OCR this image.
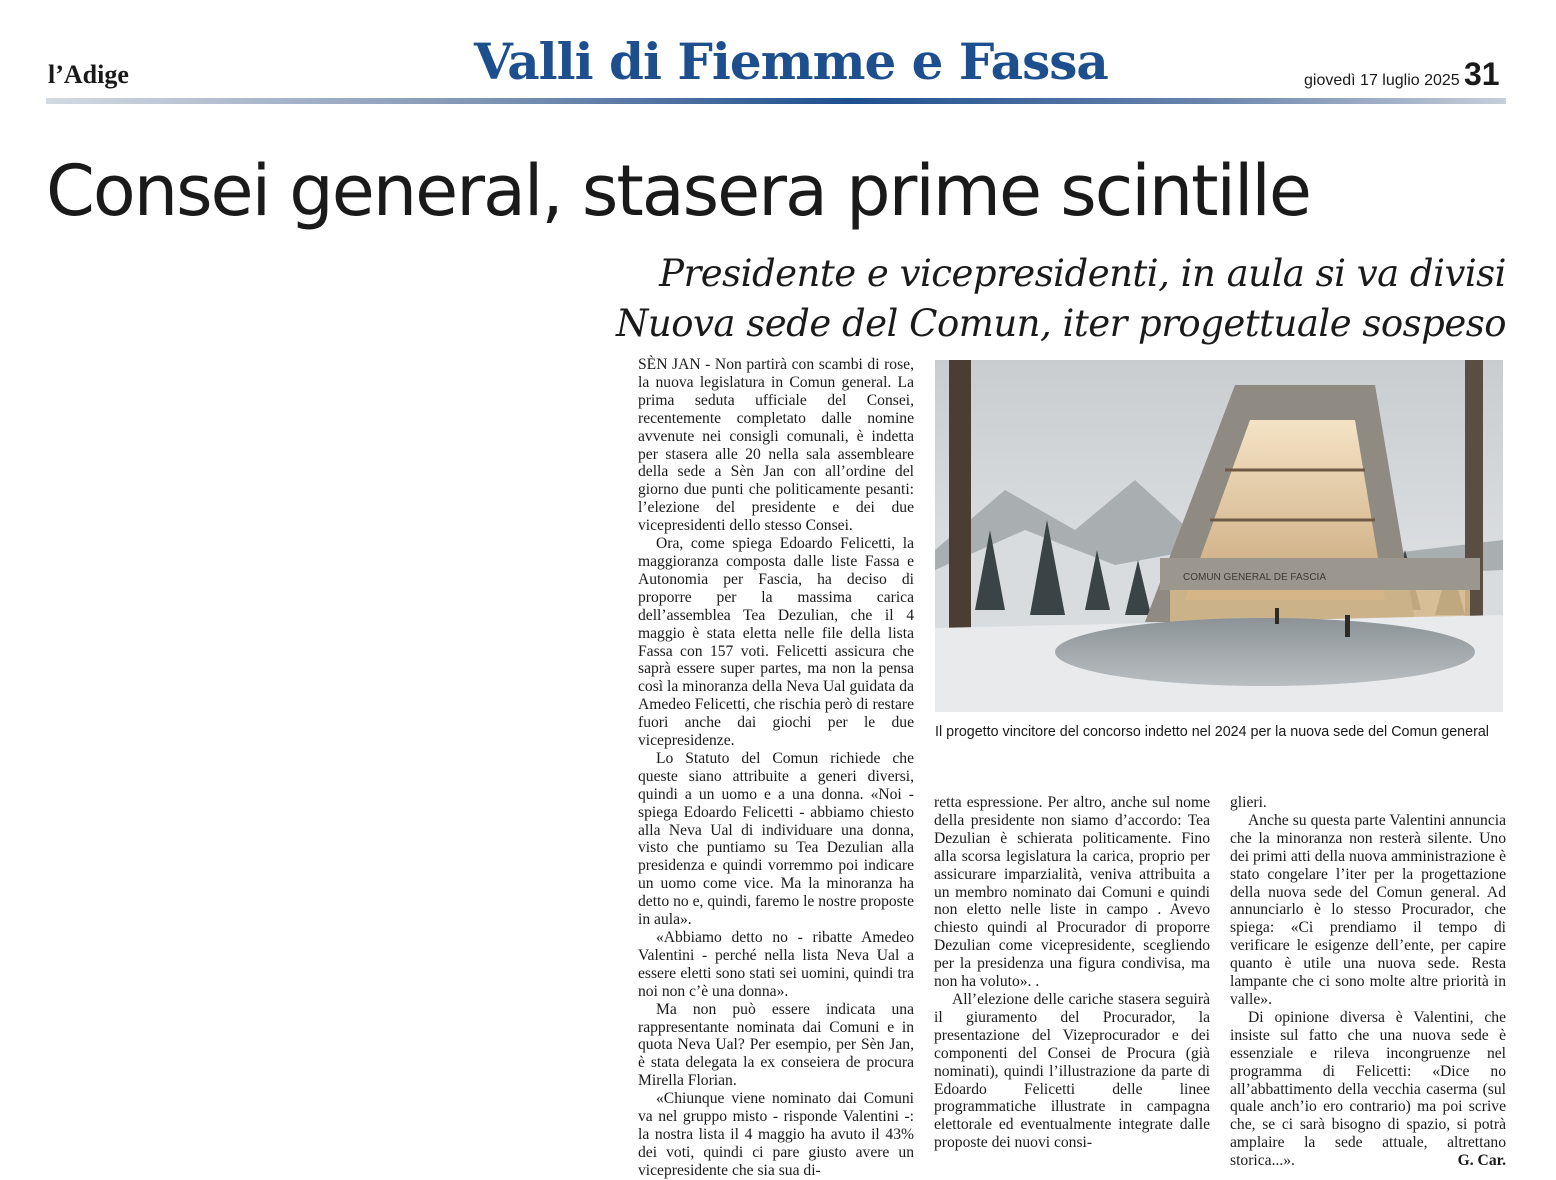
l’Adige	Valli di Fiemme e Fassa	giovedì 17 luglio 2025 31
Consei general, stasera prime scintille
Presidente e vicepresidenti, in aula si va divisi
Nuova sede del Comun, iter progettuale sospeso

SÈN JAN - Non partirà con scambi di rose, la nuova legislatura in Comun general. La prima seduta ufficiale del Consei, recentemente completato dalle nomine avvenute nei consigli comunali, è indetta per stasera alle 20 nella sala assembleare della sede a Sèn Jan con all’ordine del giorno due punti che politicamente pesanti: l’elezione del presidente e dei due vicepresidenti dello stesso Consei.

Ora, come spiega Edoardo Felicetti, la maggioranza composta dalle liste Fassa e Autonomia per Fascia, ha deciso di proporre per la massima carica dell’assemblea Tea Dezulian, che il 4 maggio è stata eletta nelle file della lista Fassa con 157 voti. Felicetti assicura che saprà essere super partes, ma non la pensa così la minoranza della Neva Ual guidata da Amedeo Felicetti, che rischia però di restare fuori anche dai giochi per le due vicepresidenze.

Lo Statuto del Comun richiede che queste siano attribuite a generi diversi, quindi a un uomo e a una donna. «Noi - spiega Edoardo Felicetti - abbiamo chiesto alla Neva Ual di individuare una donna, visto che puntiamo su Tea Dezulian alla presidenza e quindi vorremmo poi indicare un uomo come vice. Ma la minoranza ha detto no e, quindi, faremo le nostre proposte in aula».

«Abbiamo detto no - ribatte Amedeo Valentini - perché nella lista Neva Ual a essere eletti sono stati sei uomini, quindi tra noi non c’è una donna».

Ma non può essere indicata una rappresentante nominata dai Comuni e in quota Neva Ual? Per esempio, per Sèn Jan, è stata delegata la ex conseiera de procura Mirella Florian.

«Chiunque viene nominato dai Comuni va nel gruppo misto - risponde Valentini -: la nostra lista il 4 maggio ha avuto il 43% dei voti, quindi ci pare giusto avere un vicepresidente che sia sua di-

COMUN GENERAL DE FASCIA
Il progetto vincitore del concorso indetto nel 2024 per la nuova sede del Comun general

retta espressione. Per altro, anche sul nome della presidente non siamo d’accordo: Tea Dezulian è schierata politicamente. Fino alla scorsa legislatura la carica, proprio per assicurare imparzialità, veniva attribuita a un membro nominato dai Comuni e quindi non eletto nelle liste in campo . Avevo chiesto quindi al Procurador di proporre Dezulian come vicepresidente, scegliendo per la presidenza una figura condivisa, ma non ha voluto». .

All’elezione delle cariche stasera seguirà il giuramento del Procurador, la presentazione del Vizeprocurador e dei componenti del Consei de Procura (già nominati), quindi l’illustrazione da parte di Edoardo Felicetti delle linee programmatiche illustrate in campagna elettorale ed eventualmente integrate dalle proposte dei nuovi consi-

glieri.

Anche su questa parte Valentini annuncia che la minoranza non resterà silente. Uno dei primi atti della nuova amministrazione è stato congelare l’iter per la progettazione della nuova sede del Comun general. Ad annunciarlo è lo stesso Procurador, che spiega: «Ci prendiamo il tempo di verificare le esigenze dell’ente, per capire quanto è utile una nuova sede. Resta lampante che ci sono molte altre priorità in valle».

Di opinione diversa è Valentini, che insiste sul fatto che una nuova sede è essenziale e rileva incongruenze nel programma di Felicetti: «Dice no all’abbattimento della vecchia caserma (sul quale anch’io ero contrario) ma poi scrive che, se ci sarà bisogno di spazio, si potrà amplaire la sede attuale, altrettano storica...».	G. Car.
